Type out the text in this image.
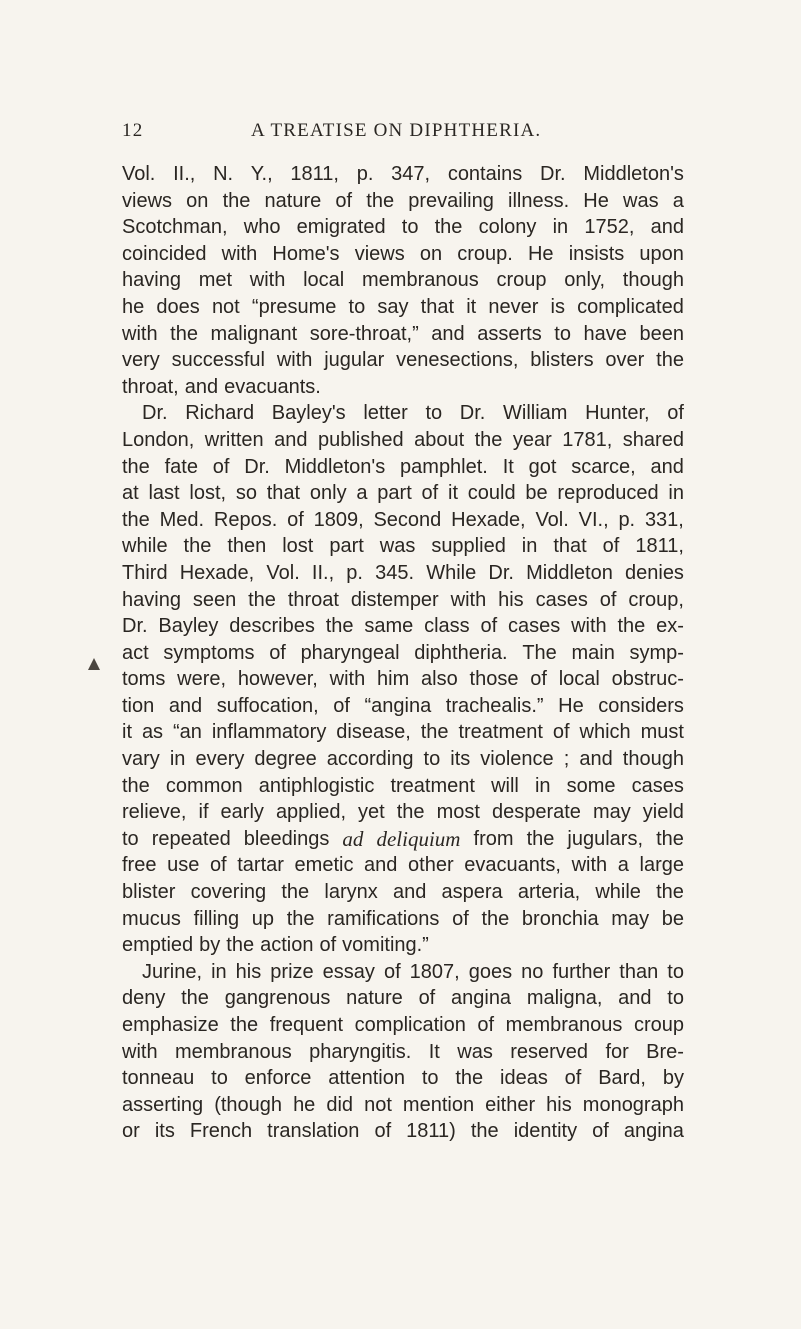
12	A TREATISE ON DIPHTHERIA.
Vol. II., N. Y., 1811, p. 347, contains Dr. Middleton's
views on the nature of the prevailing illness. He was a
Scotchman, who emigrated to the colony in 1752, and
coincided with Home's views on croup. He insists upon
having met with local membranous croup only, though
he does not “presume to say that it never is complicated
with the malignant sore-throat,” and asserts to have been
very successful with jugular venesections, blisters over the
throat, and evacuants.
Dr. Richard Bayley's letter to Dr. William Hunter, of
London, written and published about the year 1781, shared
the fate of Dr. Middleton's pamphlet. It got scarce, and
at last lost, so that only a part of it could be reproduced in
the Med. Repos. of 1809, Second Hexade, Vol. VI., p. 331,
while the then lost part was supplied in that of 1811,
Third Hexade, Vol. II., p. 345. While Dr. Middleton denies
having seen the throat distemper with his cases of croup,
Dr. Bayley describes the same class of cases with the ex-
act symptoms of pharyngeal diphtheria. The main symp-
toms were, however, with him also those of local obstruc-
tion and suffocation, of “angina trachealis.” He considers
it as “an inflammatory disease, the treatment of which must
vary in every degree according to its violence ; and though
the common antiphlogistic treatment will in some cases
relieve, if early applied, yet the most desperate may yield
to repeated bleedings ad deliquium from the jugulars, the
free use of tartar emetic and other evacuants, with a large
blister covering the larynx and aspera arteria, while the
mucus filling up the ramifications of the bronchia may be
emptied by the action of vomiting.”
Jurine, in his prize essay of 1807, goes no further than to
deny the gangrenous nature of angina maligna, and to
emphasize the frequent complication of membranous croup
with membranous pharyngitis. It was reserved for Bre-
tonneau to enforce attention to the ideas of Bard, by
asserting (though he did not mention either his monograph
or its French translation of 1811) the identity of angina
